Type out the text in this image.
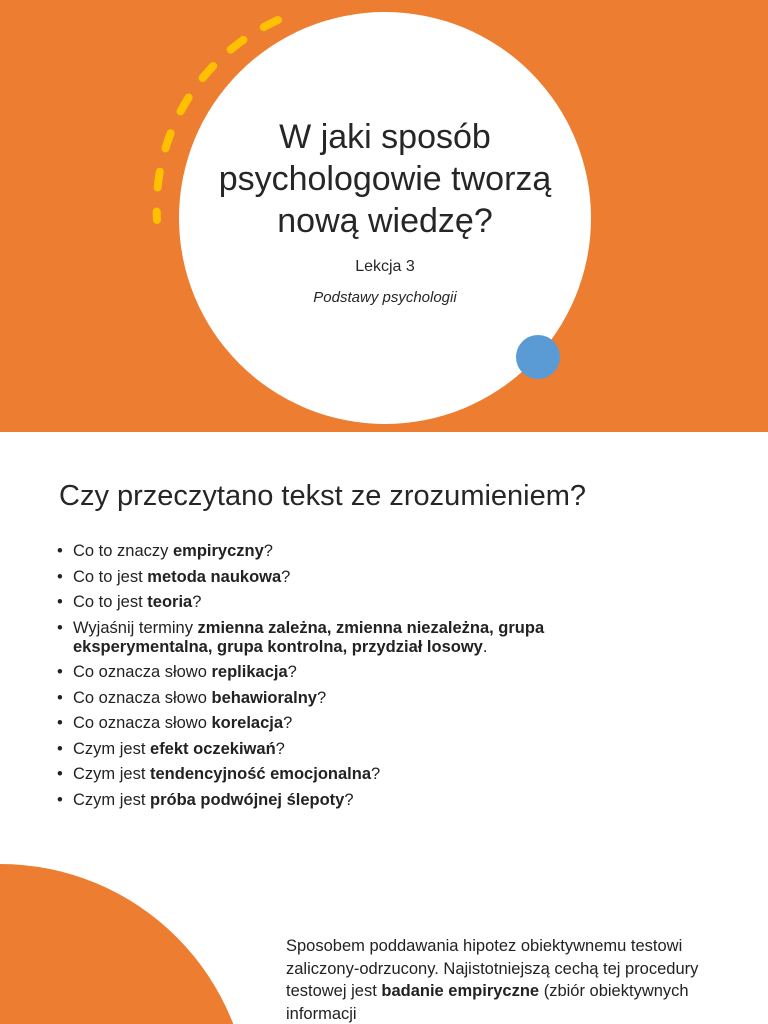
W jaki sposób psychologowie tworzą nową wiedzę?
Lekcja 3
Podstawy psychologii
Czy przeczytano tekst ze zrozumieniem?
• Co to znaczy empiryczny?
• Co to jest metoda naukowa?
• Co to jest teoria?
• Wyjaśnij terminy zmienna zależna, zmienna niezależna, grupa eksperymentalna, grupa kontrolna, przydział losowy.
• Co oznacza słowo replikacja?
• Co oznacza słowo behawioralny?
• Co oznacza słowo korelacja?
• Czym jest efekt oczekiwań?
• Czym jest tendencyjność emocjonalna?
• Czym jest próba podwójnej ślepoty?
Sposobem poddawania hipotez obiektywnemu testowi zaliczony-odrzucony. Najistotniejszą cechą tej procedury testowej jest badanie empiryczne (zbiór obiektywnych informacji
